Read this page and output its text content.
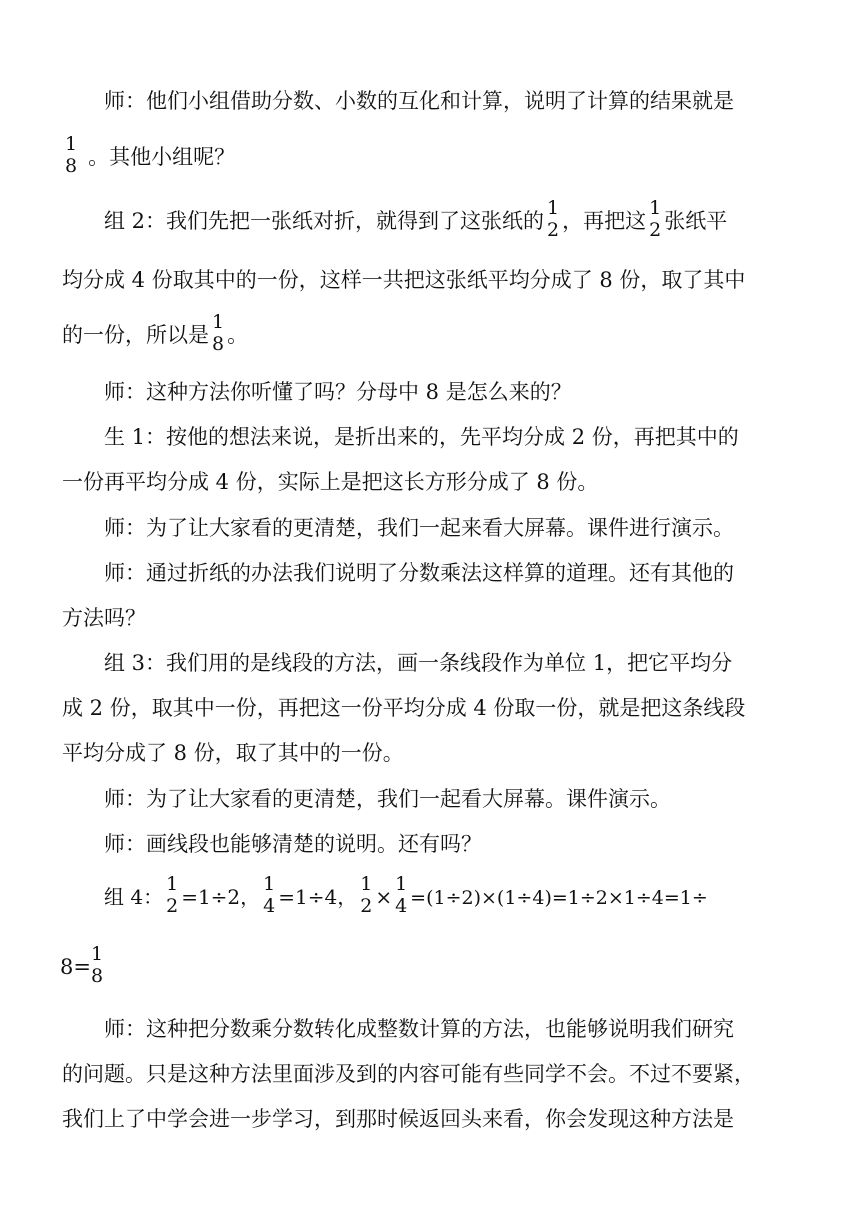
师：他们小组借助分数、小数的互化和计算，说明了计算的结果就是
1
8 。其他小组呢？
组 2：我们先把一张纸对折，就得到了这张纸的
1
2 ，再把这
1
2 张纸平
均分成 4 份取其中的一份，这样一共把这张纸平均分成了 8 份，取了其中
的一份，所以是
1
8 。
师：这种方法你听懂了吗？分母中 8 是怎么来的？
生 1：按他的想法来说，是折出来的，先平均分成 2 份，再把其中的
一份再平均分成 4 份，实际上是把这长方形分成了 8 份。
师：为了让大家看的更清楚，我们一起来看大屏幕。课件进行演示。
师：通过折纸的办法我们说明了分数乘法这样算的道理。还有其他的
方法吗？
组 3：我们用的是线段的方法，画一条线段作为单位 1，把它平均分
成 2 份，取其中一份，再把这一份平均分成 4 份取一份，就是把这条线段
平均分成了 8 份，取了其中的一份。
师：为了让大家看的更清楚，我们一起看大屏幕。课件演示。
师：画线段也能够清楚的说明。还有吗？
组 4：
1
2 =1÷2，
1
4 =1÷4，
1
2 ×
1
4 =(1÷2)×(1÷4)=1÷2×1÷4=1÷
8=
1
8
师：这种把分数乘分数转化成整数计算的方法，也能够说明我们研究
的问题。只是这种方法里面涉及到的内容可能有些同学不会。不过不要紧，
我们上了中学会进一步学习，到那时候返回头来看，你会发现这种方法是
